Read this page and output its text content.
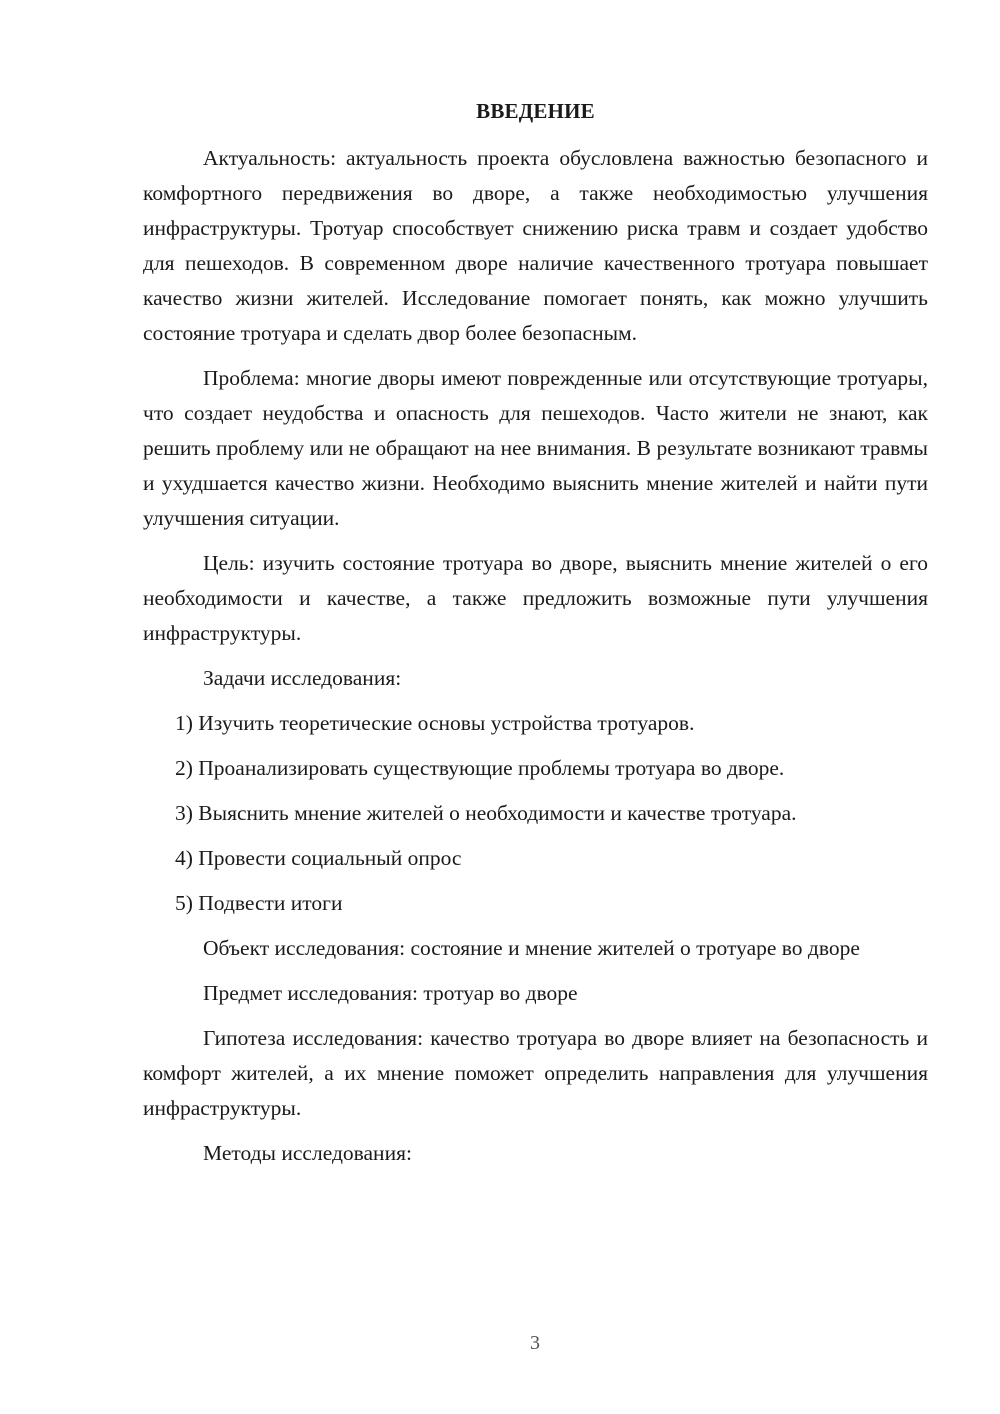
ВВЕДЕНИЕ

Актуальность: актуальность проекта обусловлена важностью безопасного и комфортного передвижения во дворе, а также необходимостью улучшения инфраструктуры. Тротуар способствует снижению риска травм и создает удобство для пешеходов. В современном дворе наличие качественного тротуара повышает качество жизни жителей. Исследование помогает понять, как можно улучшить состояние тротуара и сделать двор более безопасным.

Проблема: многие дворы имеют поврежденные или отсутствующие тротуары, что создает неудобства и опасность для пешеходов. Часто жители не знают, как решить проблему или не обращают на нее внимания. В результате возникают травмы и ухудшается качество жизни. Необходимо выяснить мнение жителей и найти пути улучшения ситуации.

Цель: изучить состояние тротуара во дворе, выяснить мнение жителей о его необходимости и качестве, а также предложить возможные пути улучшения инфраструктуры.

Задачи исследования:

1) Изучить теоретические основы устройства тротуаров.
2) Проанализировать существующие проблемы тротуара во дворе.
3) Выяснить мнение жителей о необходимости и качестве тротуара.
4) Провести социальный опрос
5) Подвести итоги

Объект исследования: состояние и мнение жителей о тротуаре во дворе

Предмет исследования: тротуар во дворе

Гипотеза исследования: качество тротуара во дворе влияет на безопасность и комфорт жителей, а их мнение поможет определить направления для улучшения инфраструктуры.

Методы исследования:

3
